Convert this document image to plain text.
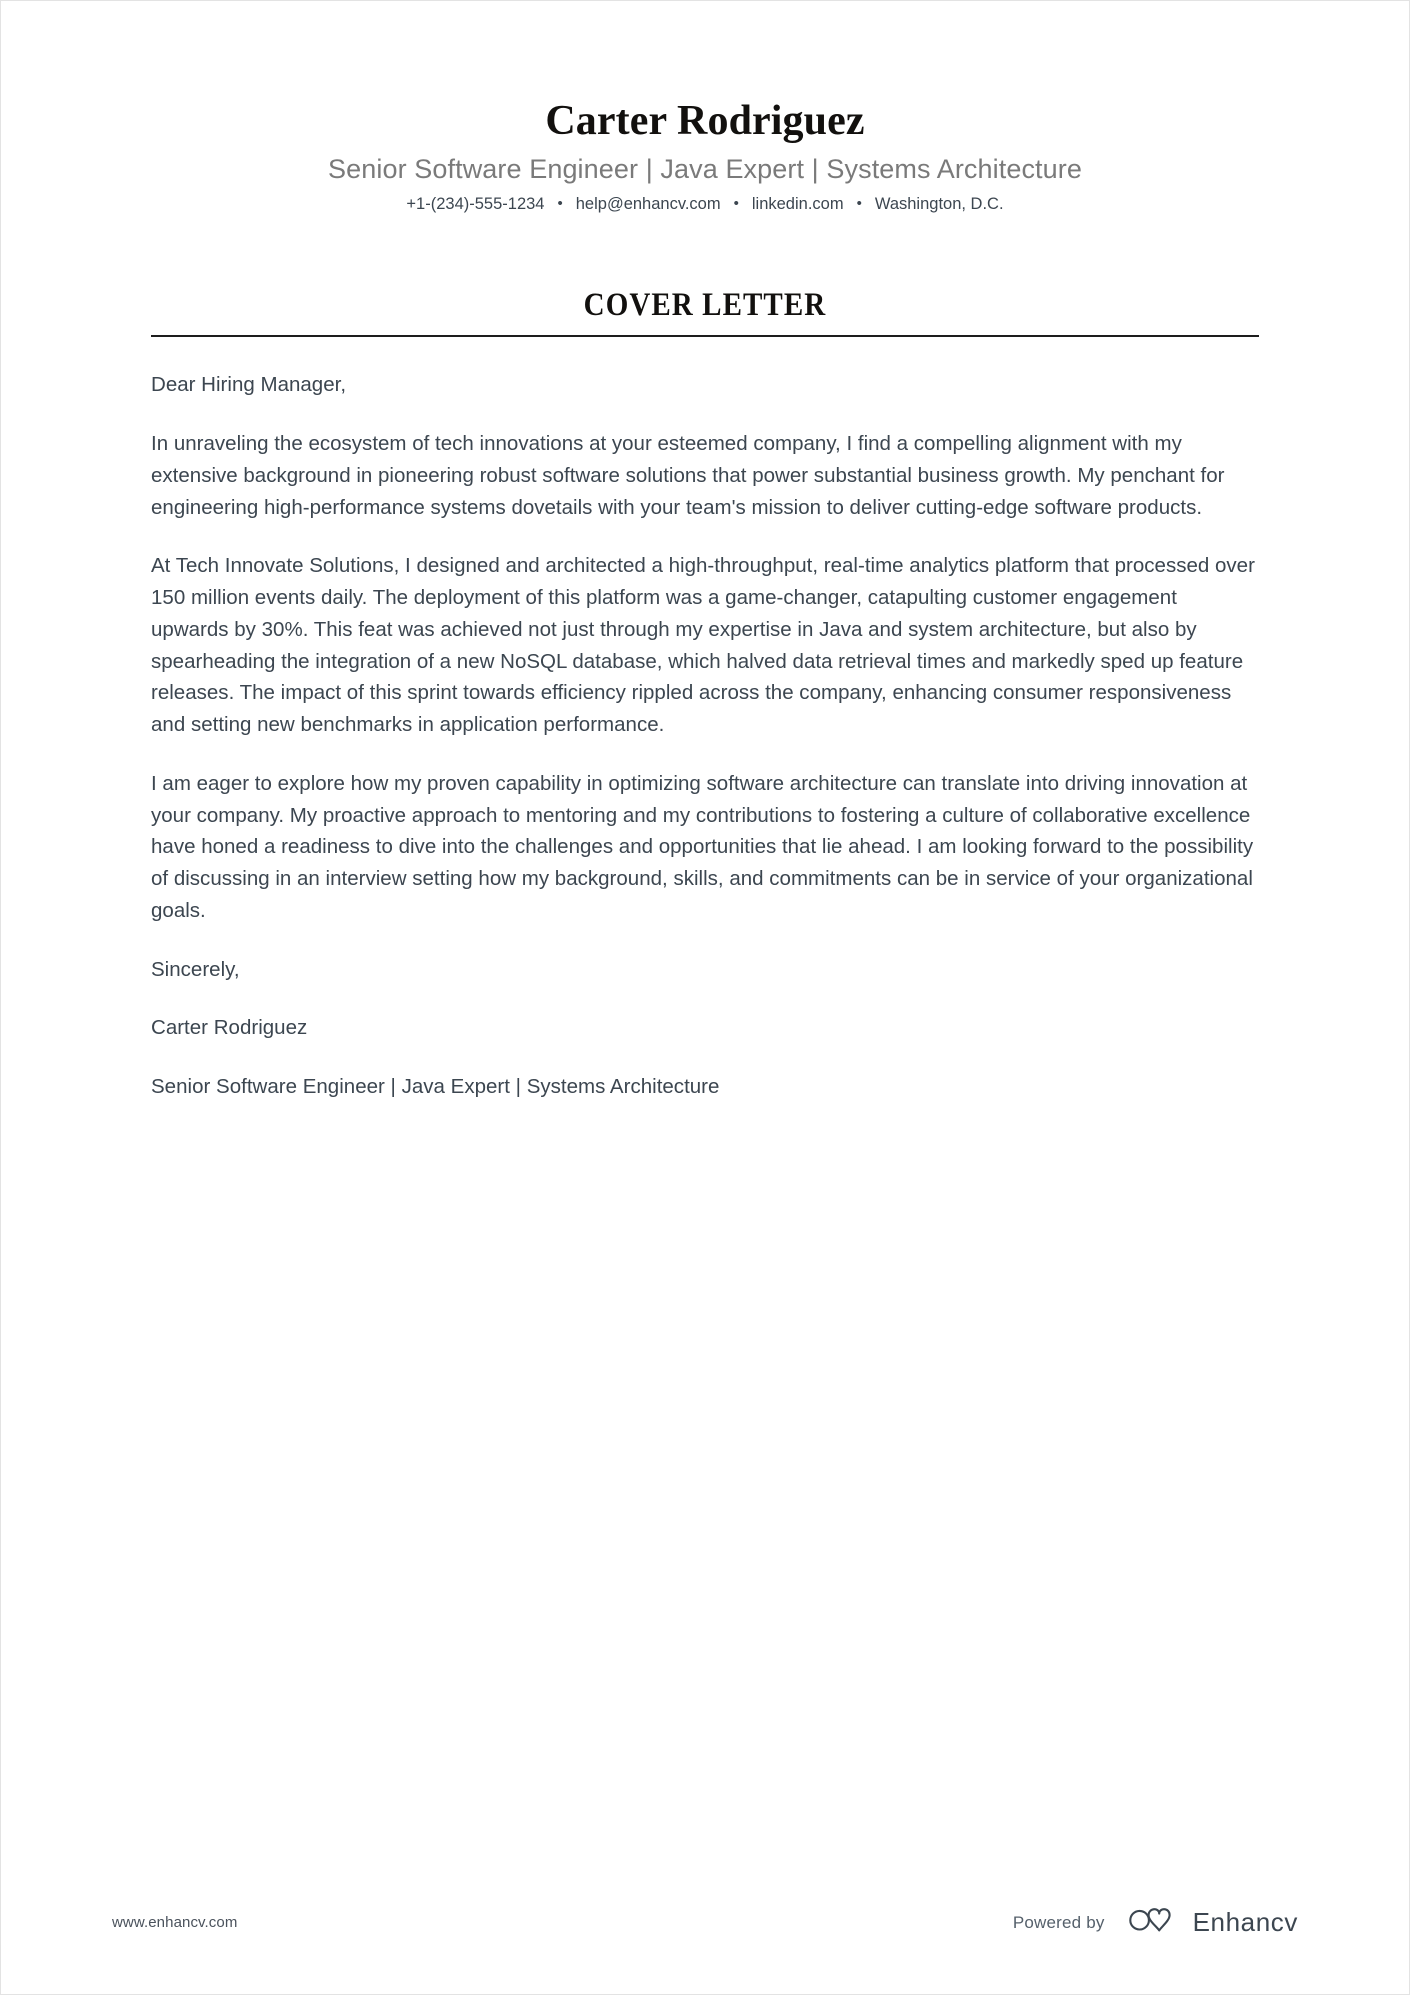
Carter Rodriguez
Senior Software Engineer | Java Expert | Systems Architecture
+1-(234)-555-1234 • help@enhancv.com • linkedin.com • Washington, D.C.
COVER LETTER

Dear Hiring Manager,

In unraveling the ecosystem of tech innovations at your esteemed company, I find a compelling alignment with my extensive background in pioneering robust software solutions that power substantial business growth. My penchant for engineering high-performance systems dovetails with your team's mission to deliver cutting-edge software products.

At Tech Innovate Solutions, I designed and architected a high-throughput, real-time analytics platform that processed over 150 million events daily. The deployment of this platform was a game-changer, catapulting customer engagement upwards by 30%. This feat was achieved not just through my expertise in Java and system architecture, but also by spearheading the integration of a new NoSQL database, which halved data retrieval times and markedly sped up feature releases. The impact of this sprint towards efficiency rippled across the company, enhancing consumer responsiveness and setting new benchmarks in application performance.

I am eager to explore how my proven capability in optimizing software architecture can translate into driving innovation at your company. My proactive approach to mentoring and my contributions to fostering a culture of collaborative excellence have honed a readiness to dive into the challenges and opportunities that lie ahead. I am looking forward to the possibility of discussing in an interview setting how my background, skills, and commitments can be in service of your organizational goals.

Sincerely,

Carter Rodriguez

Senior Software Engineer | Java Expert | Systems Architecture

www.enhancv.com	Powered by	Enhancv
